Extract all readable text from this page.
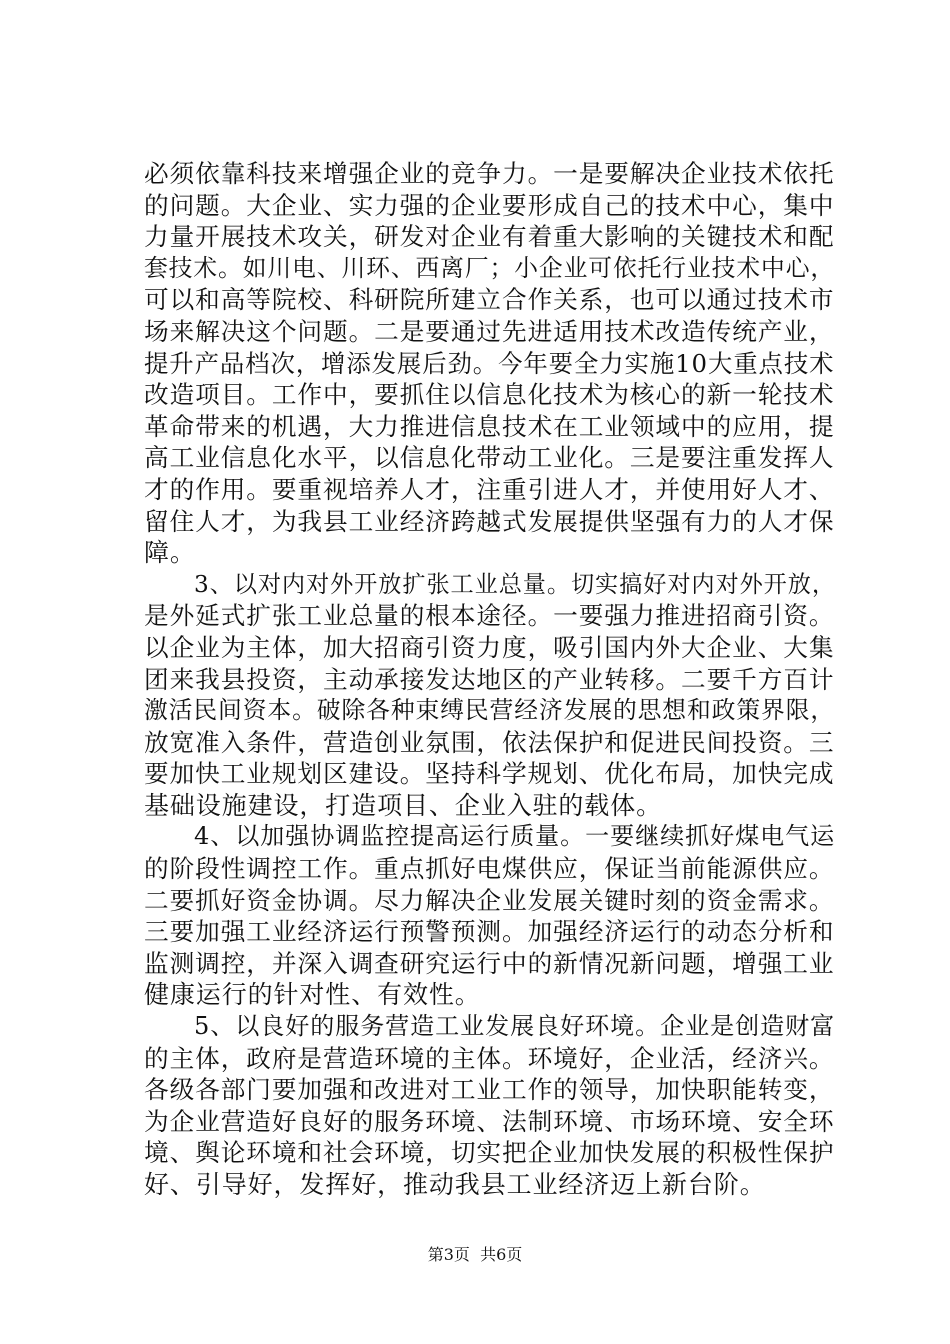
必须依靠科技来增强企业的竞争力。一是要解决企业技术依托
的问题。大企业、实力强的企业要形成自己的技术中心，集中
力量开展技术攻关，研发对企业有着重大影响的关键技术和配
套技术。如川电、川环、西离厂；小企业可依托行业技术中心，
可以和高等院校、科研院所建立合作关系，也可以通过技术市
场来解决这个问题。二是要通过先进适用技术改造传统产业，
提升产品档次，增添发展后劲。今年要全力实施10大重点技术
改造项目。工作中，要抓住以信息化技术为核心的新一轮技术
革命带来的机遇，大力推进信息技术在工业领域中的应用，提
高工业信息化水平，以信息化带动工业化。三是要注重发挥人
才的作用。要重视培养人才，注重引进人才，并使用好人才、
留住人才，为我县工业经济跨越式发展提供坚强有力的人才保
障。
3、以对内对外开放扩张工业总量。切实搞好对内对外开放，
是外延式扩张工业总量的根本途径。一要强力推进招商引资。
以企业为主体，加大招商引资力度，吸引国内外大企业、大集
团来我县投资，主动承接发达地区的产业转移。二要千方百计
激活民间资本。破除各种束缚民营经济发展的思想和政策界限，
放宽准入条件，营造创业氛围，依法保护和促进民间投资。三
要加快工业规划区建设。坚持科学规划、优化布局，加快完成
基础设施建设，打造项目、企业入驻的载体。
4、以加强协调监控提高运行质量。一要继续抓好煤电气运
的阶段性调控工作。重点抓好电煤供应，保证当前能源供应。
二要抓好资金协调。尽力解决企业发展关键时刻的资金需求。
三要加强工业经济运行预警预测。加强经济运行的动态分析和
监测调控，并深入调查研究运行中的新情况新问题，增强工业
健康运行的针对性、有效性。
5、以良好的服务营造工业发展良好环境。企业是创造财富
的主体，政府是营造环境的主体。环境好，企业活，经济兴。
各级各部门要加强和改进对工业工作的领导，加快职能转变，
为企业营造好良好的服务环境、法制环境、市场环境、安全环
境、舆论环境和社会环境，切实把企业加快发展的积极性保护
好、引导好，发挥好，推动我县工业经济迈上新台阶。
第3页 共6页
